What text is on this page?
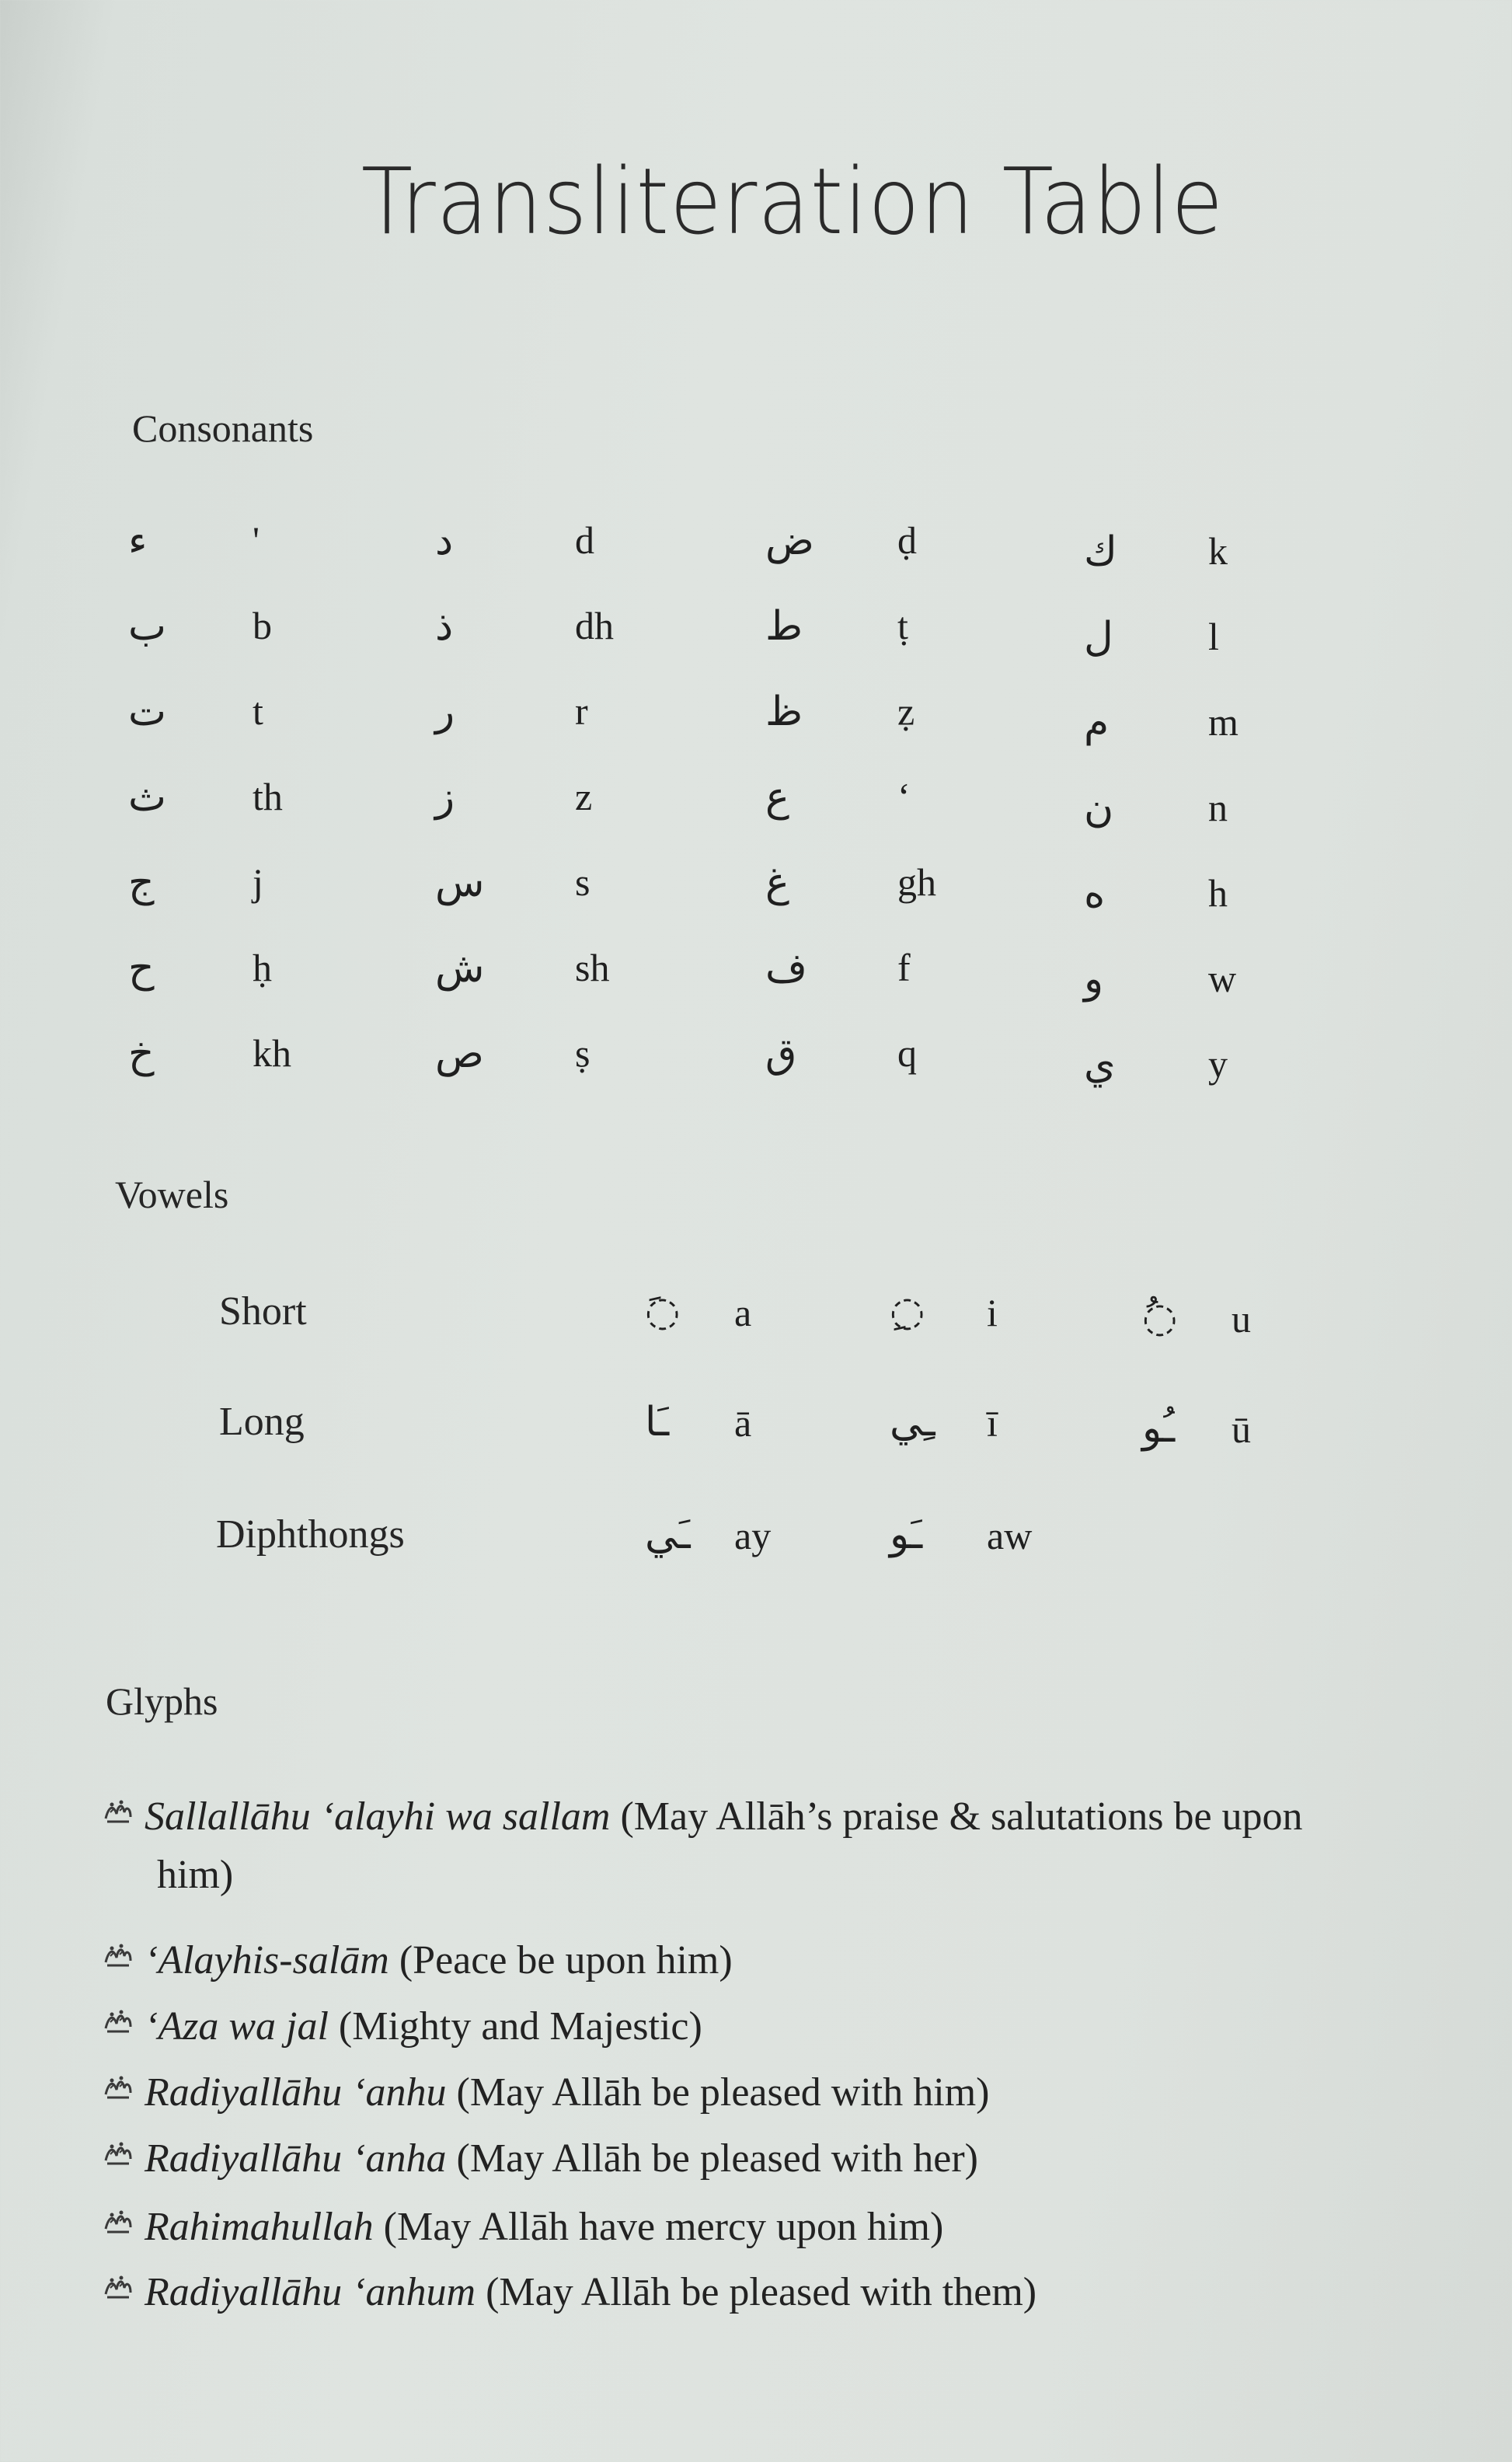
Transliteration Table
Consonants
ء	'	د	d	ض ḍ	ك k
ب b	ذ	dh	ط ṭ	ل l
ت t	ر	r	ظ ẓ	م	m
ث th	ز	z	ع	‘	ن n
ج	j	س s	غ	gh	ه	h
ح	ḥ	ش sh	ف f	و	w
خ	kh	ص ṣ	ق	q	ي y
Vowels
Short	◌َ a	◌ِ i	◌ُ u
Long	ـَا ā	ـِي ī	ـُو ū
Diphthongs	ـَي ay	ـَو aw
Glyphs
Sallallāhu ‘alayhi wa sallam (May Allāh’s praise & salutations be upon
him)
‘Alayhis-salām (Peace be upon him)
‘Aza wa jal (Mighty and Majestic)
Radiyallāhu ‘anhu (May Allāh be pleased with him)
Radiyallāhu ‘anha (May Allāh be pleased with her)
Rahimahullah (May Allāh have mercy upon him)
Radiyallāhu ‘anhum (May Allāh be pleased with them)
